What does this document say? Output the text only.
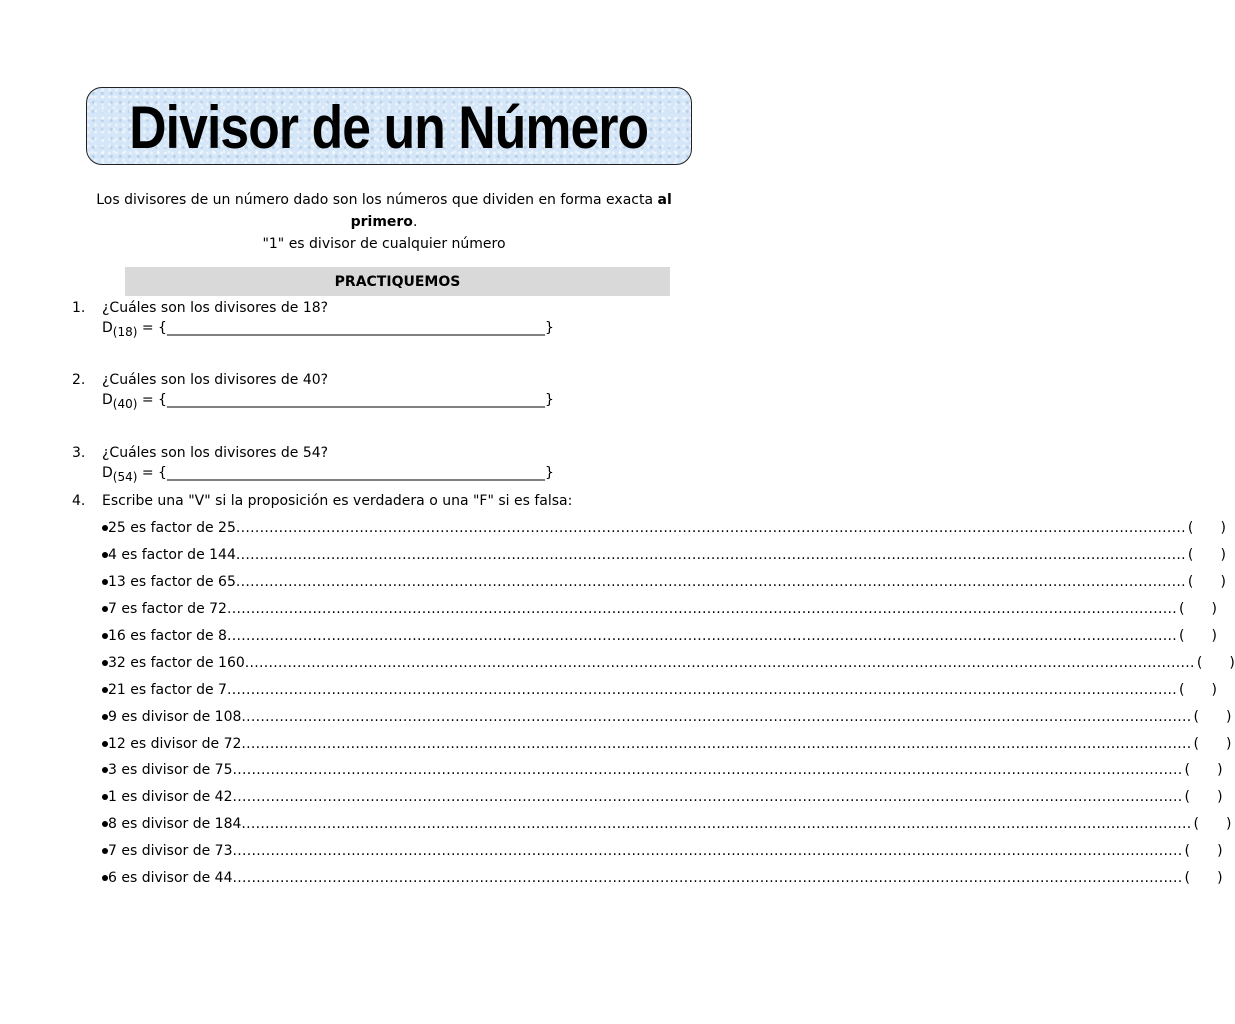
Divisor de un Número
Los divisores de un número dado son los números que dividen en forma exacta al primero.
"1" es divisor de cualquier número
PRACTIQUEMOS
1.	¿Cuáles son los divisores de 18?
$D_{(18)}$ = {______________________________________________________}
2.	¿Cuáles son los divisores de 40?
$D_{(40)}$ = {______________________________________________________}
3.	¿Cuáles son los divisores de 54?
$D_{(54)}$ = {______________________________________________________}
4.	Escribe una "V" si la proposición es verdadera o una "F" si es falsa:
25 es factor de 25 ........................................................................................................................................................................................................ ( )
4 es factor de 144 ........................................................................................................................................................................................................ ( )
13 es factor de 65 ........................................................................................................................................................................................................ ( )
7 es factor de 72 ........................................................................................................................................................................................................ ( )
16 es factor de 8 ........................................................................................................................................................................................................ ( )
32 es factor de 160 ........................................................................................................................................................................................................ ( )
21 es factor de 7 ........................................................................................................................................................................................................ ( )
9 es divisor de 108 ........................................................................................................................................................................................................ ( )
12 es divisor de 72 ........................................................................................................................................................................................................ ( )
3 es divisor de 75 ........................................................................................................................................................................................................ ( )
1 es divisor de 42 ........................................................................................................................................................................................................ ( )
8 es divisor de 184 ........................................................................................................................................................................................................ ( )
7 es divisor de 73 ........................................................................................................................................................................................................ ( )
6 es divisor de 44 ........................................................................................................................................................................................................ ( )
